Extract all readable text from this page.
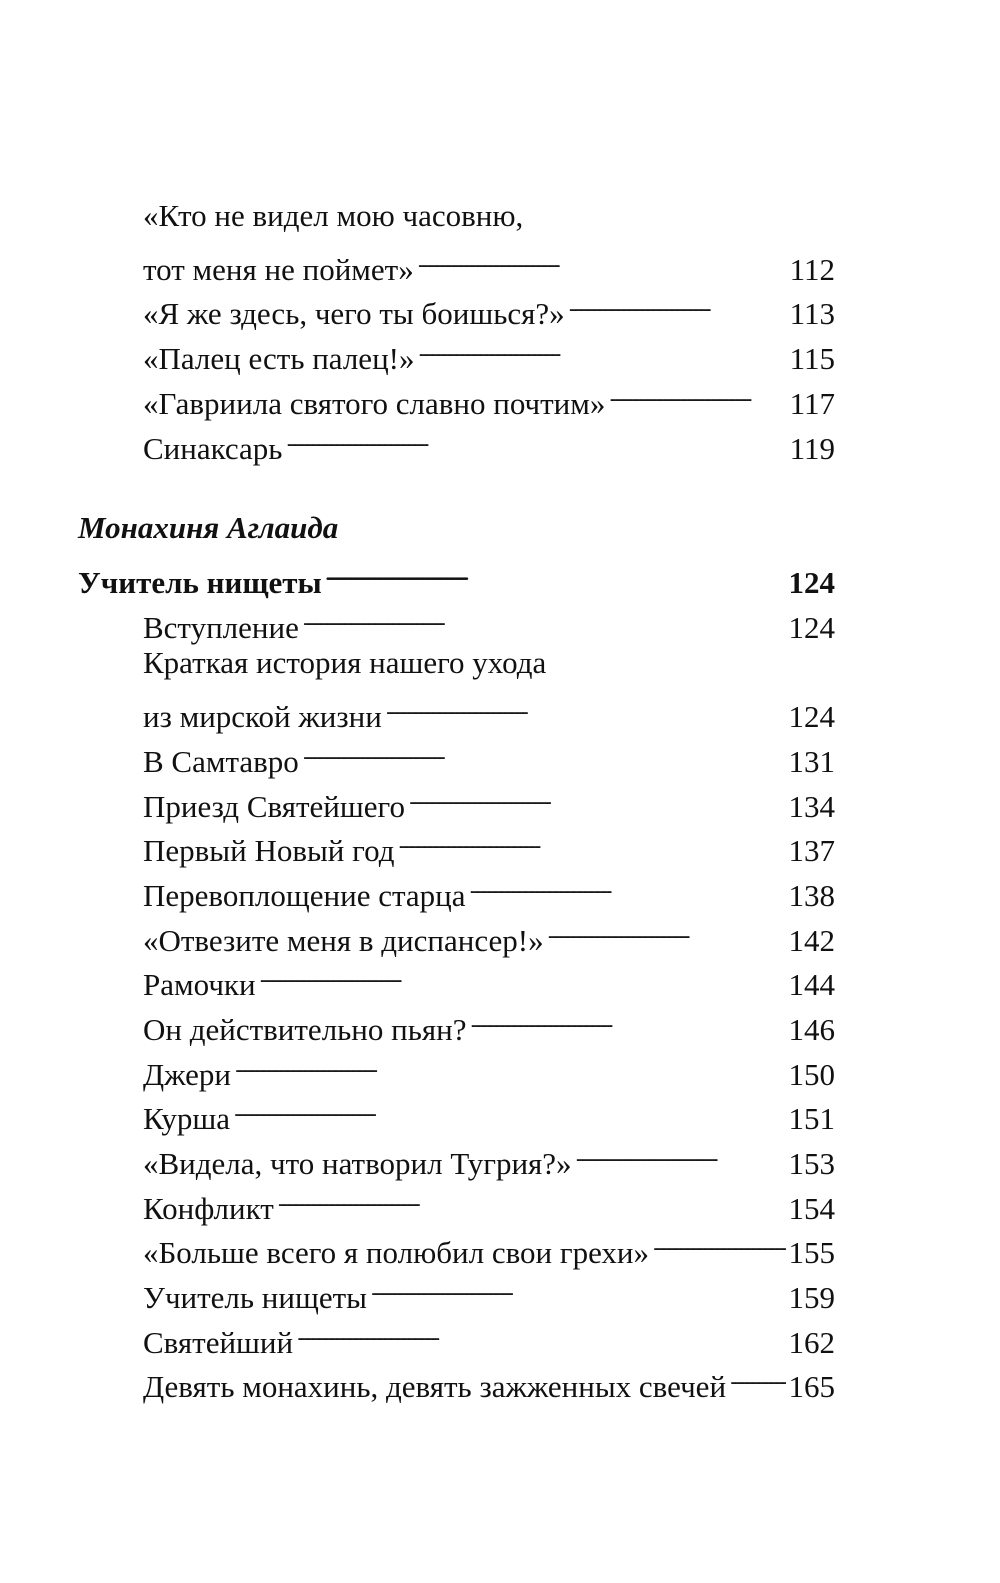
«Кто не видел мою часовню,
тот меня не поймет» . . .	112
«Я же здесь, чего ты боишься?» . . .	113
«Палец есть палец!» . . .	115
«Гавриила святого славно почтим» . . .	117
Синаксарь . . .	119
Монахиня Аглаида
Учитель нищеты . . .	124
Вступление . . .	124
Краткая история нашего ухода
из мирской жизни . . .	124
В Самтавро . . .	131
Приезд Святейшего . . .	134
Первый Новый год . . .	137
Перевоплощение старца . . .	138
«Отвезите меня в диспансер!» . . .	142
Рамочки . . .	144
Он действительно пьян? . . .	146
Джери . . .	150
Курша . . .	151
«Видела, что натворил Тугрия?» . . .	153
Конфликт . . .	154
«Больше всего я полюбил свои грехи» . . .	155
Учитель нищеты . . .	159
Святейший . . .	162
Девять монахинь, девять зажженных свечей . . . 165
